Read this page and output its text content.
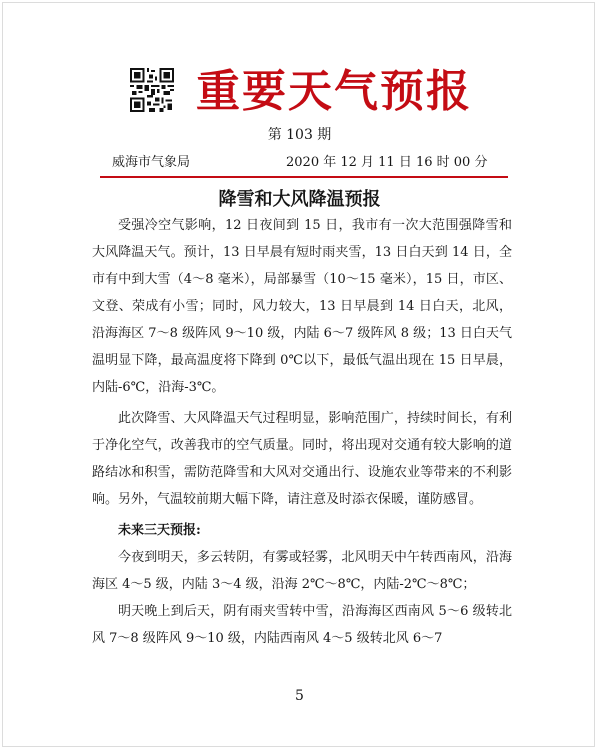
重要天气预报
第 103 期
威海市气象局	2020 年 12 月 11 日 16 时 00 分
降雪和大风降温预报

受强冷空气影响，12 日夜间到 15 日，我市有一次大范围强降雪和大风降温天气。预计，13 日早晨有短时雨夹雪，13 日白天到 14 日，全市有中到大雪（4～8 毫米），局部暴雪（10～15 毫米），15 日，市区、文登、荣成有小雪；同时，风力较大，13 日早晨到 14 日白天，北风，沿海海区 7～8 级阵风 9～10 级，内陆 6～7 级阵风 8 级；13 日白天气温明显下降，最高温度将下降到 0℃以下，最低气温出现在 15 日早晨，内陆-6℃，沿海-3℃。

此次降雪、大风降温天气过程明显，影响范围广，持续时间长，有利于净化空气，改善我市的空气质量。同时，将出现对交通有较大影响的道路结冰和积雪，需防范降雪和大风对交通出行、设施农业等带来的不利影响。另外，气温较前期大幅下降，请注意及时添衣保暖，谨防感冒。

未来三天预报:

今夜到明天，多云转阴，有雾或轻雾，北风明天中午转西南风，沿海海区 4～5 级，内陆 3～4 级，沿海 2℃～8℃，内陆-2℃～8℃；

明天晚上到后天，阴有雨夹雪转中雪，沿海海区西南风 5～6 级转北风 7～8 级阵风 9～10 级，内陆西南风 4～5 级转北风 6～7

5
